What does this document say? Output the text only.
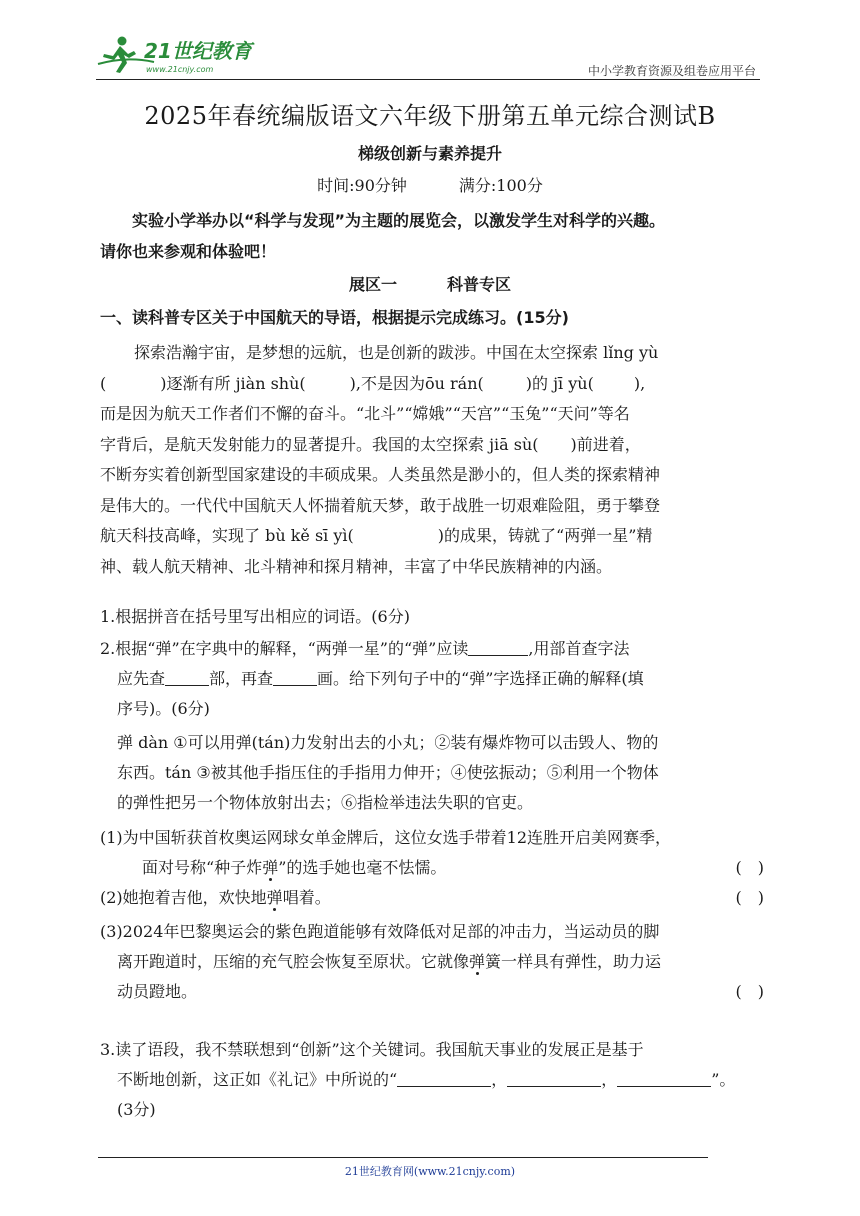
21世纪教育
www.21cnjy.com	中小学教育资源及组卷应用平台
2025年春统编版语文六年级下册第五单元综合测试B
梯级创新与素养提升
时间:90分钟	满分:100分

实验小学举办以“科学与发现”为主题的展览会，以激发学生对科学的兴趣。

请你也来参观和体验吧！

展区一	科普专区
一、读科普专区关于中国航天的导语，根据提示完成练习。(15分)
探索浩瀚宇宙，是梦想的远航，也是创新的跋涉。中国在太空探索 lǐng yù
(	)逐渐有所 jiàn shù(	),不是因为ōu rán(	)的 jī yù(	),
而是因为航天工作者们不懈的奋斗。“北斗”“嫦娥”“天宫”“玉兔”“天问”等名
字背后，是航天发射能力的显著提升。我国的太空探索 jiā sù(　　)前进着，
不断夯实着创新型国家建设的丰硕成果。人类虽然是渺小的，但人类的探索精神
是伟大的。一代代中国航天人怀揣着航天梦，敢于战胜一切艰难险阻，勇于攀登
航天科技高峰，实现了 bù kě sī yì(	)的成果，铸就了“两弹一星”精
神、载人航天精神、北斗精神和探月精神，丰富了中华民族精神的内涵。
1.根据拼音在括号里写出相应的词语。(6分)
2.根据“弹”在字典中的解释，“两弹一星”的“弹”应读	,用部首查字法
应先查	部，再查	画。给下列句子中的“弹”字选择正确的解释(填
序号)。(6分)
弹 dàn ①可以用弹(tán)力发射出去的小丸；②装有爆炸物可以击毁人、物的
东西。tán ③被其他手指压住的手指用力伸开；④使弦振动；⑤利用一个物体
的弹性把另一个物体放射出去；⑥指检举违法失职的官吏。
(1)为中国斩获首枚奥运网球女单金牌后，这位女选手带着12连胜开启美网赛季，
面对号称“种子炸弹”的选手她也毫不怯懦。	(　)
(2)她抱着吉他，欢快地弹唱着。	(　)
(3)2024年巴黎奥运会的紫色跑道能够有效降低对足部的冲击力，当运动员的脚
离开跑道时，压缩的充气腔会恢复至原状。它就像弹簧一样具有弹性，助力运
动员蹬地。	(　)
3.读了语段，我不禁联想到“创新”这个关键词。我国航天事业的发展正是基于
不断地创新，这正如《礼记》中所说的“	，	，	”。
(3分)
21世纪教育网(www.21cnjy.com)
